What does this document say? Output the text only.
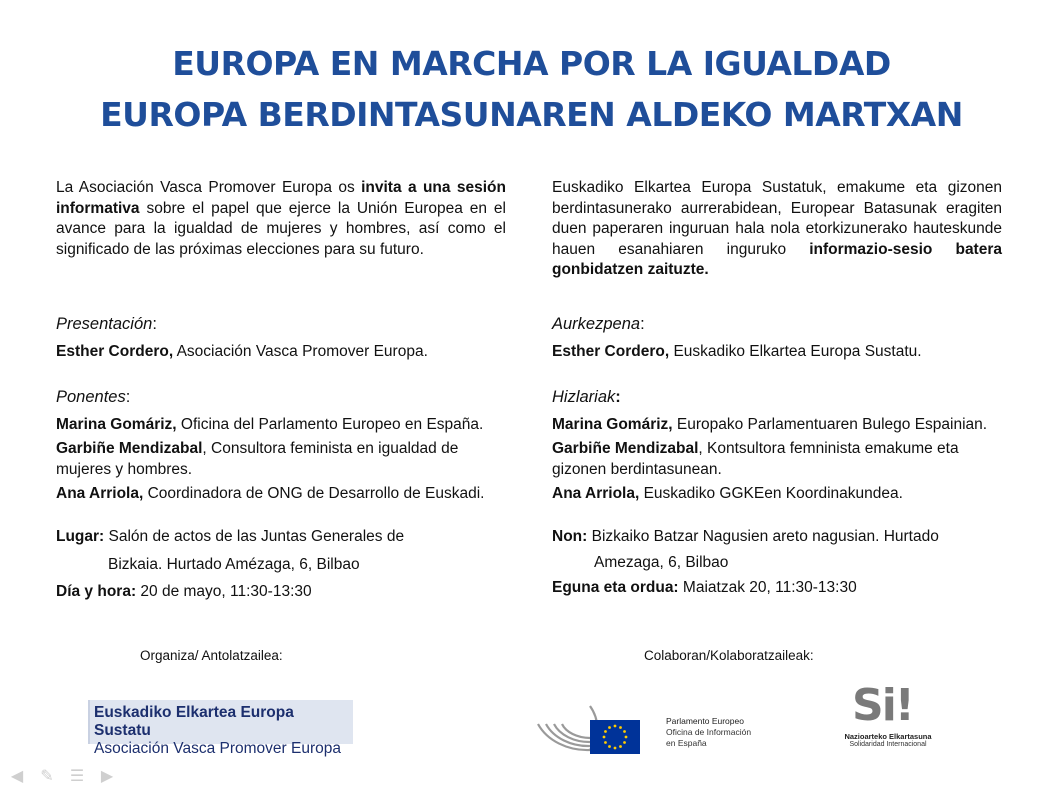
EUROPA EN MARCHA POR LA IGUALDAD
EUROPA BERDINTASUNAREN ALDEKO MARTXAN

La Asociación Vasca Promover Europa os invita a una sesión informativa sobre el papel que ejerce la Unión Europea en el avance para la igualdad de mujeres y hombres, así como el significado de las próximas elecciones para su futuro.

Presentación:
Esther Cordero, Asociación Vasca Promover Europa.
Ponentes:
Marina Gomáriz, Oficina del Parlamento Europeo en España.
Garbiñe Mendizabal, Consultora feminista en igualdad de mujeres y hombres.
Ana Arriola, Coordinadora de ONG de Desarrollo de Euskadi.
Lugar: Salón de actos de las Juntas Generales de
Bizkaia. Hurtado Amézaga, 6, Bilbao
Día y hora: 20 de mayo, 11:30-13:30

Euskadiko Elkartea Europa Sustatuk, emakume eta gizonen berdintasunerako aurrerabidean, Europear Batasunak eragiten duen paperaren inguruan hala nola etorkizunerako hauteskunde hauen esanahiaren inguruko informazio-sesio batera gonbidatzen zaituzte.

Aurkezpena:
Esther Cordero, Euskadiko Elkartea Europa Sustatu.
Hizlariak:
Marina Gomáriz, Europako Parlamentuaren Bulego Espainian.
Garbiñe Mendizabal, Kontsultora femninista emakume eta gizonen berdintasunean.
Ana Arriola, Euskadiko GGKEen Koordinakundea.
Non: Bizkaiko Batzar Nagusien areto nagusian. Hurtado
Amezaga, 6, Bilbao
Eguna eta ordua: Maiatzak 20, 11:30-13:30
Organiza/ Antolatzailea:	Colaboran/Kolaboratzaileak:
Euskadiko Elkartea Europa Sustatu
Asociación Vasca Promover Europa
Parlamento Europeo
Oficina de Información
en España
Si!
Nazioarteko Elkartasuna
Solidaridad Internacional
◀ ✎ ☰ ▶
